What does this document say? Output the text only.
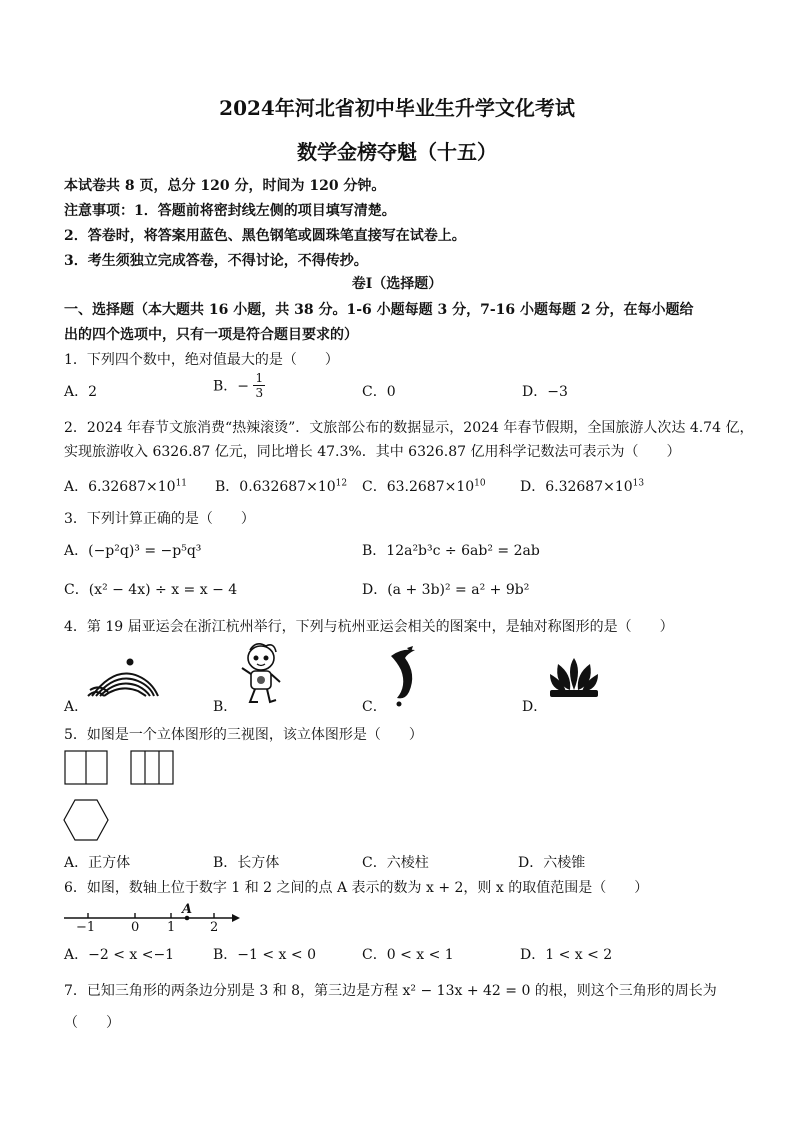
2024年河北省初中毕业生升学文化考试
数学金榜夺魁（十五）
本试卷共 8 页，总分 120 分，时间为 120 分钟。
注意事项：1．答题前将密封线左侧的项目填写清楚。
2．答卷时，将答案用蓝色、黑色钢笔或圆珠笔直接写在试卷上。
3．考生须独立完成答卷，不得讨论，不得传抄。
卷Ⅰ（选择题）
一、选择题（本大题共 16 小题，共 38 分。1-6 小题每题 3 分，7-16 小题每题 2 分，在每小题给
出的四个选项中，只有一项是符合题目要求的）
1．下列四个数中，绝对值最大的是（　　）
A．2	B．− $\frac{1}{3}$	C．0	D．−3
2．2024 年春节文旅消费“热辣滚烫”．文旅部公布的数据显示，2024 年春节假期，全国旅游人次达 4.74 亿，
实现旅游收入 6326.87 亿元，同比增长 47.3%．其中 6326.87 亿用科学记数法可表示为（　　）
A．$6.32687\times 10^{11}$ B．$0.632687\times 10^{12}$ C．$63.2687\times 10^{10}$ D．$6.32687\times 10^{13}$
3．下列计算正确的是（　　）
A．(−p²q)³ = −p⁵q³	B．12a²b³c ÷ 6ab² = 2ab
C．(x² − 4x) ÷ x = x − 4	D．(a + 3b)² = a² + 9b²
4．第 19 届亚运会在浙江杭州举行，下列与杭州亚运会相关的图案中，是轴对称图形的是（　　）
A．	B．	C．	D．
5．如图是一个立体图形的三视图，该立体图形是（　　）
A．正方体	B．长方体	C．六棱柱	D．六棱锥
6．如图，数轴上位于数字 1 和 2 之间的点 A 表示的数为 x + 2，则 x 的取值范围是（　　）
A
−1	0 1	2
A．−2 < x <−1	B．−1 < x < 0	C．0 < x < 1	D．1 < x < 2
7．已知三角形的两条边分别是 3 和 8，第三边是方程 x² − 13x + 42 = 0 的根，则这个三角形的周长为
（　　）
